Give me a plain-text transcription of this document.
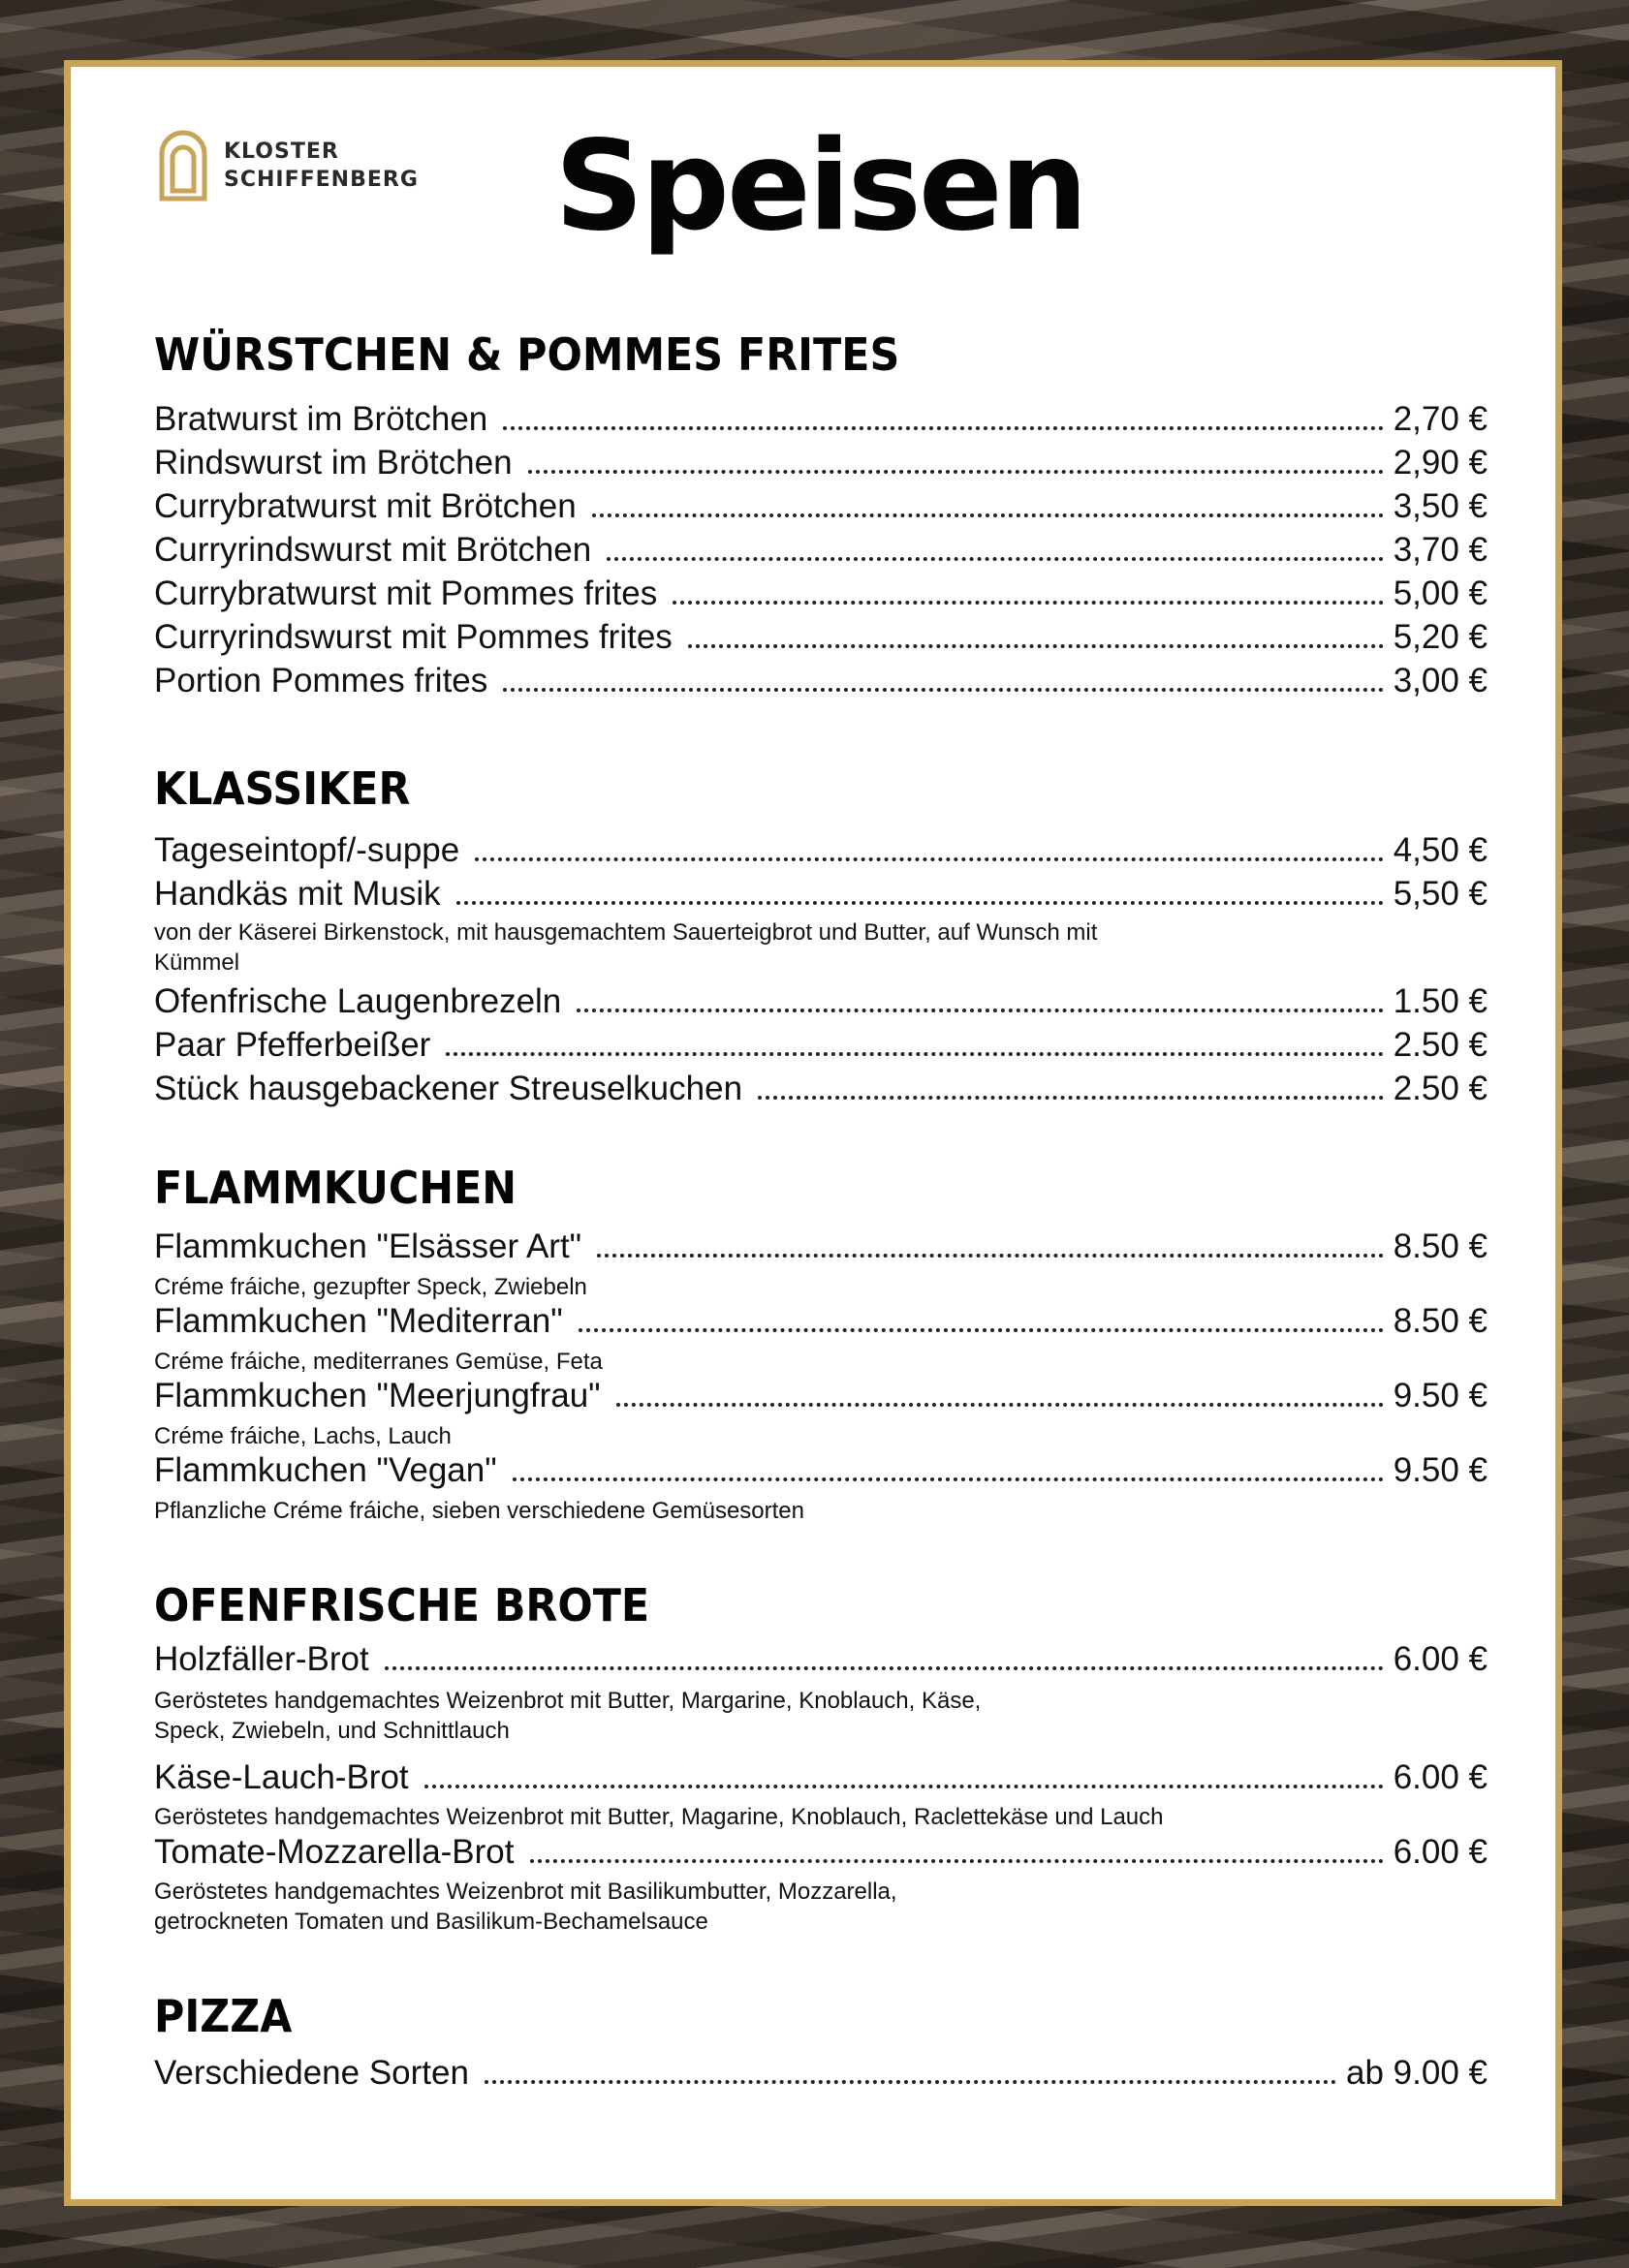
KLOSTER
SCHIFFENBERG	Speisen
WÜRSTCHEN & POMMES FRITES
Bratwurst im Brötchen	2,70 €
Rindswurst im Brötchen	2,90 €
Currybratwurst mit Brötchen	3,50 €
Curryrindswurst mit Brötchen	3,70 €
Currybratwurst mit Pommes frites	5,00 €
Curryrindswurst mit Pommes frites	5,20 €
Portion Pommes frites	3,00 €
KLASSIKER
Tageseintopf/-suppe	4,50 €
Handkäs mit Musik	5,50 €
von der Käserei Birkenstock, mit hausgemachtem Sauerteigbrot und Butter, auf Wunsch mit Kümmel
Ofenfrische Laugenbrezeln	1.50 €
Paar Pfefferbeißer	2.50 €
Stück hausgebackener Streuselkuchen	2.50 €
FLAMMKUCHEN
Flammkuchen "Elsässer Art"	8.50 €
Créme fráiche, gezupfter Speck, Zwiebeln
Flammkuchen "Mediterran"	8.50 €
Créme fráiche, mediterranes Gemüse, Feta
Flammkuchen "Meerjungfrau"	9.50 €
Créme fráiche, Lachs, Lauch
Flammkuchen "Vegan"	9.50 €
Pflanzliche Créme fráiche, sieben verschiedene Gemüsesorten
OFENFRISCHE BROTE
Holzfäller-Brot	6.00 €
Geröstetes handgemachtes Weizenbrot mit Butter, Margarine, Knoblauch, Käse,
Speck, Zwiebeln, und Schnittlauch
Käse-Lauch-Brot	6.00 €
Geröstetes handgemachtes Weizenbrot mit Butter, Magarine, Knoblauch, Raclettekäse und Lauch
Tomate-Mozzarella-Brot	6.00 €
Geröstetes handgemachtes Weizenbrot mit Basilikumbutter, Mozzarella,
getrockneten Tomaten und Basilikum-Bechamelsauce
PIZZA
Verschiedene Sorten	ab 9.00 €
